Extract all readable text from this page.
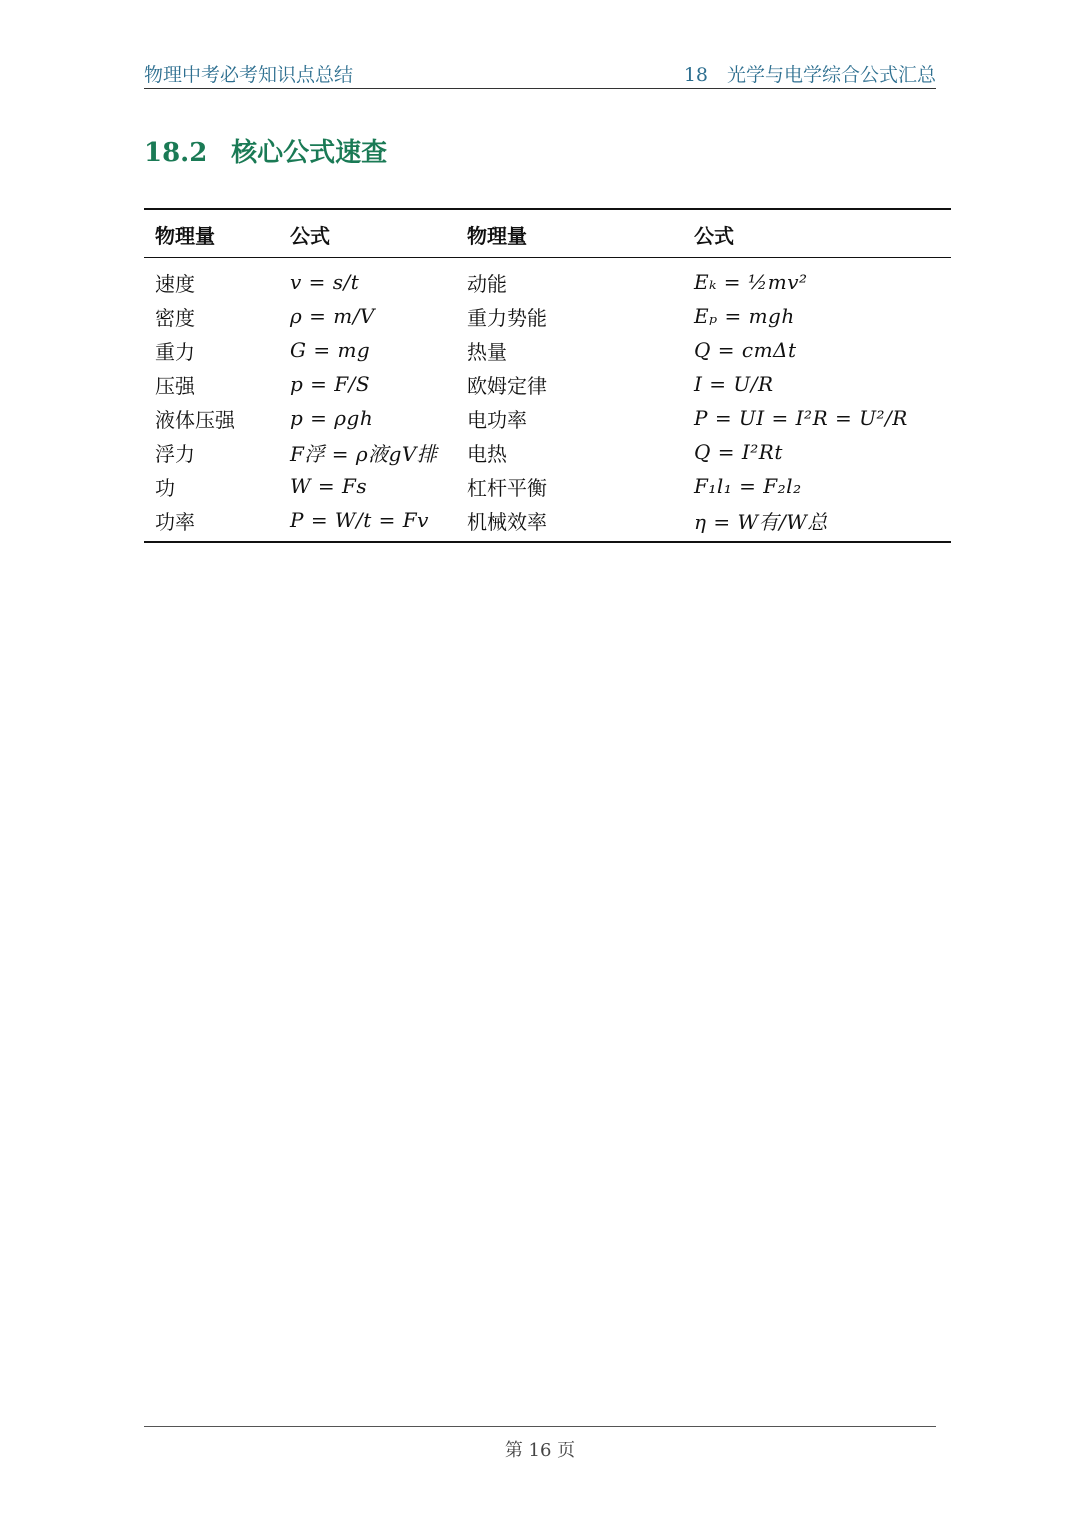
物理中考必考知识点总结	18　光学与电学综合公式汇总
18.2 核心公式速查
物理量	公式	物理量	公式
速度	v = s/t	动能	Eₖ = ½mv²
密度	ρ = m/V	重力势能	Eₚ = mgh
重力	G = mg	热量	Q = cmΔt
压强	p = F/S	欧姆定律	I = U/R
液体压强	p = ρgh	电功率	P = UI = I²R = U²/R
浮力	F浮 = ρ液gV排	电热	Q = I²Rt
功	W = Fs	杠杆平衡	F₁l₁ = F₂l₂
功率	P = W/t = Fv	机械效率	η = W有/W总
第 16 页
